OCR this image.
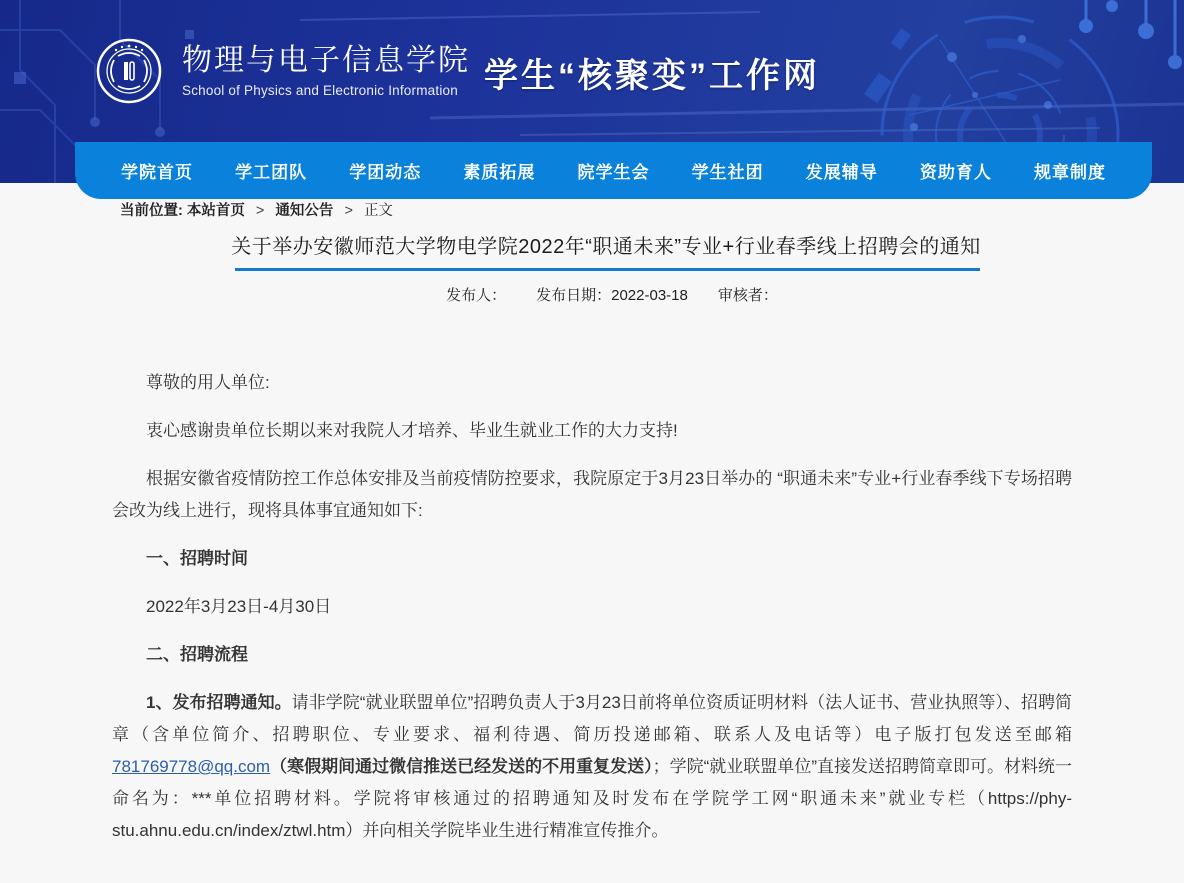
物理与电子信息学院
School of Physics and Electronic Information 学生“核聚变”工作网
学院首页 学工团队 学团动态 素质拓展 院学生会 学生社团 发展辅导 资助育人 规章制度
当前位置: 本站首页 > 通知公告 > 正文
关于举办安徽师范大学物电学院2022年“职通未来”专业+行业春季线上招聘会的通知
发布人： 发布日期：2022-03-18 审核者：

尊敬的用人单位:

衷心感谢贵单位长期以来对我院人才培养、毕业生就业工作的大力支持!

根据安徽省疫情防控工作总体安排及当前疫情防控要求，我院原定于3月23日举办的 “职通未来”专业+行业春季线下专场招聘会改为线上进行，现将具体事宜通知如下:

一、招聘时间

2022年3月23日-4月30日

二、招聘流程

1、发布招聘通知。请非学院“就业联盟单位”招聘负责人于3月23日前将单位资质证明材料（法人证书、营业执照等）、招聘简章（含单位简介、招聘职位、专业要求、福利待遇、简历投递邮箱、联系人及电话等）电子版打包发送至邮箱781769778@qq.com（寒假期间通过微信推送已经发送的不用重复发送）；学院“就业联盟单位”直接发送招聘简章即可。材料统一命名为：***单位招聘材料。学院将审核通过的招聘通知及时发布在学院学工网“职通未来”就业专栏（https://phy-stu.ahnu.edu.cn/index/ztwl.htm）并向相关学院毕业生进行精准宣传推介。
